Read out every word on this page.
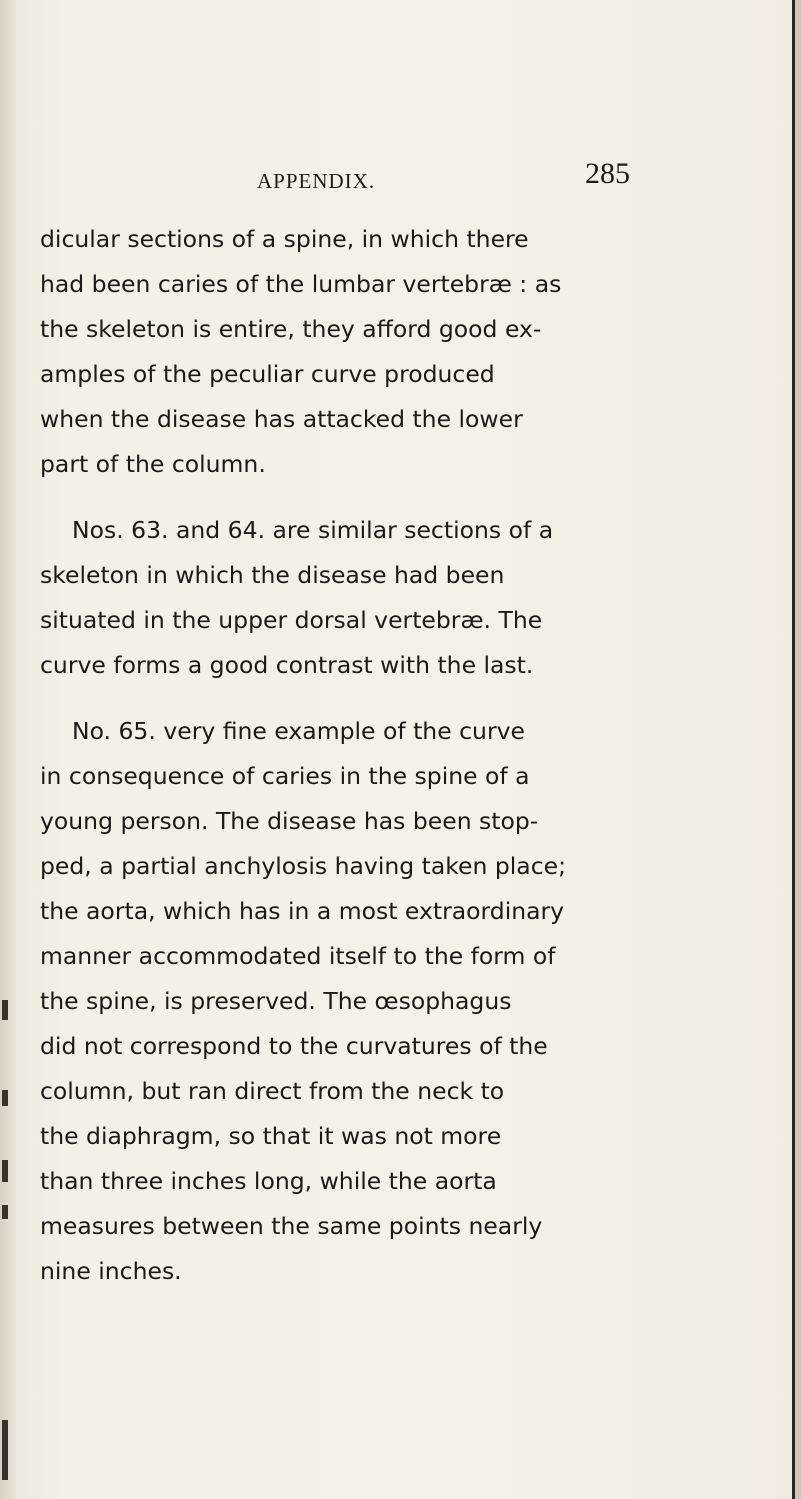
APPENDIX.	285
dicular sections of a spine, in which there
had been caries of the lumbar vertebræ : as
the skeleton is entire, they afford good ex-
amples of the peculiar curve produced
when the disease has attacked the lower
part of the column.
Nos. 63. and 64. are similar sections of a
skeleton in which the disease had been
situated in the upper dorsal vertebræ. The
curve forms a good contrast with the last.
No. 65. very fine example of the curve
in consequence of caries in the spine of a
young person. The disease has been stop-
ped, a partial anchylosis having taken place;
the aorta, which has in a most extraordinary
manner accommodated itself to the form of
the spine, is preserved. The œsophagus
did not correspond to the curvatures of the
column, but ran direct from the neck to
the diaphragm, so that it was not more
than three inches long, while the aorta
measures between the same points nearly
nine inches.
